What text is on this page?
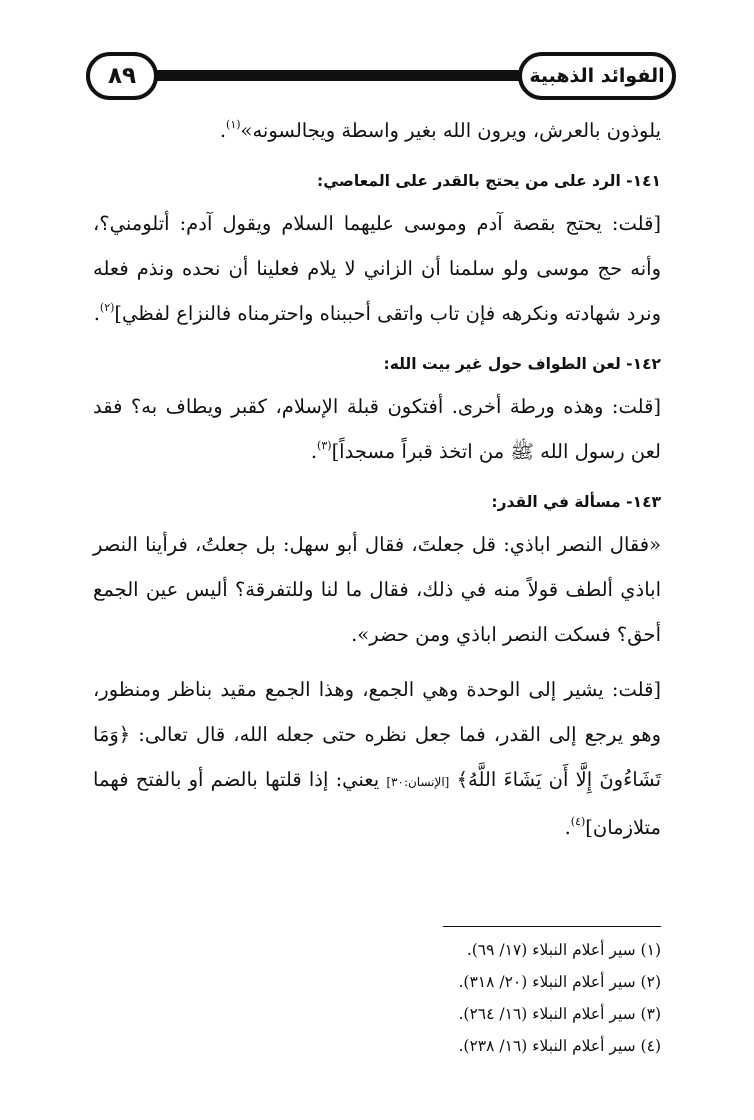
٨٩	الفوائد الذهبية

يلوذون بالعرش، ويرون الله بغير واسطة ويجالسونه»$^{(١)}$.

١٤١- الرد على من يحتج بالقدر على المعاصي:

[قلت: يحتج بقصة آدم وموسى عليهما السلام ويقول آدم: أتلومني؟، وأنه حج موسى ولو سلمنا أن الزاني لا يلام فعلينا أن نحده ونذم فعله ونرد شهادته ونكرهه فإن تاب واتقى أحببناه واحترمناه فالنزاع لفظي]$^{(٢)}$.

١٤٢- لعن الطواف حول غير بيت الله:

[قلت: وهذه ورطة أخرى. أفتكون قبلة الإسلام، كقبر ويطاف به؟ فقد لعن رسول الله ﷺ من اتخذ قبراً مسجداً]$^{(٣)}$.

١٤٣- مسألة في القدر:

«فقال النصر اباذي: قل جعلتَ، فقال أبو سهل: بل جعلتُ، فرأينا النصر اباذي ألطف قولاً منه في ذلك، فقال ما لنا وللتفرقة؟ أليس عين الجمع أحق؟ فسكت النصر اباذي ومن حضر».

[قلت: يشير إلى الوحدة وهي الجمع، وهذا الجمع مقيد بناظر ومنظور، وهو يرجع إلى القدر، فما جعل نظره حتى جعله الله، قال تعالى: ﴿وَمَا تَشَاءُونَ إِلَّا أَن يَشَاءَ اللَّهُ﴾ [الإنسان:٣٠] يعني: إذا قلتها بالضم أو بالفتح فهما متلازمان]$^{(٤)}$.

(١) سير أعلام النبلاء (١٧/ ٦٩).

(٢) سير أعلام النبلاء (٢٠/ ٣١٨).

(٣) سير أعلام النبلاء (١٦/ ٢٦٤).

(٤) سير أعلام النبلاء (١٦/ ٢٣٨).
